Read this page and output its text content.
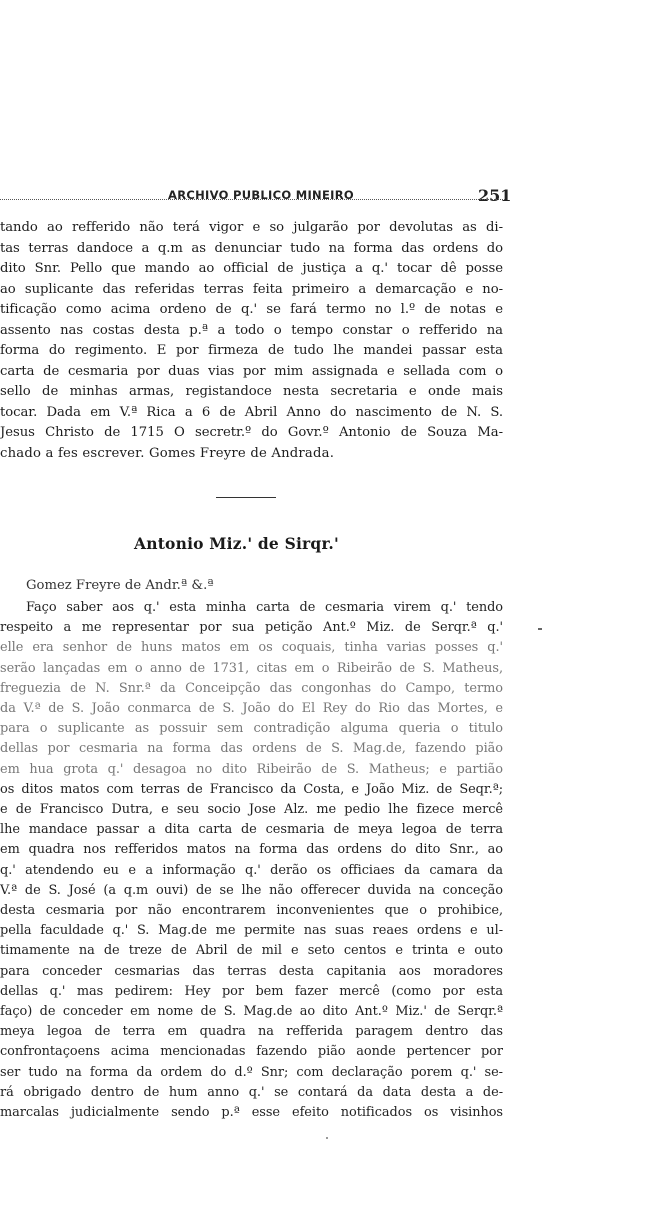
ARCHIVO PUBLICO MINEIRO	251
tando ao refferido não terá vigor e so julgarão por devolutas as di-
tas terras dandoce a q.m as denunciar tudo na forma das ordens do
dito Snr. Pello que mando ao official de justiça a q.' tocar dê posse
ao suplicante das referidas terras feita primeiro a demarcação e no-
tificação como acima ordeno de q.' se fará termo no l.º de notas e
assento nas costas desta p.ª a todo o tempo constar o refferido na
forma do regimento. E por firmeza de tudo lhe mandei passar esta
carta de cesmaria por duas vias por mim assignada e sellada com o
sello de minhas armas, registandoce nesta secretaria e onde mais
tocar. Dada em V.ª Rica a 6 de Abril Anno do nascimento de N. S.
Jesus Christo de 1715 O secretr.º do Govr.º Antonio de Souza Ma-
chado a fes escrever. Gomes Freyre de Andrada.
Antonio Miz.' de Sirqr.'
Gomez Freyre de Andr.ª &.ª
Faço saber aos q.' esta minha carta de cesmaria virem q.' tendo
respeito a me representar por sua petição Ant.º Miz. de Serqr.ª q.'
elle era senhor de huns matos em os coquais, tinha varias posses q.'
serão lançadas em o anno de 1731, citas em o Ribeirão de S. Matheus,
freguezia de N. Snr.ª da Conceipção das congonhas do Campo, termo
da V.ª de S. João conmarca de S. João do El Rey do Rio das Mortes, e
para o suplicante as possuir sem contradição alguma queria o titulo
dellas por cesmaria na forma das ordens de S. Mag.de, fazendo pião
em hua grota q.' desagoa no dito Ribeirão de S. Matheus; e partião
os ditos matos com terras de Francisco da Costa, e João Miz. de Seqr.ª;
e de Francisco Dutra, e seu socio Jose Alz. me pedio lhe fizece mercê
lhe mandace passar a dita carta de cesmaria de meya legoa de terra
em quadra nos refferidos matos na forma das ordens do dito Snr., ao
q.' atendendo eu e a informação q.' derão os officiaes da camara da
V.ª de S. José (a q.m ouvi) de se lhe não offerecer duvida na conceção
desta cesmaria por não encontrarem inconvenientes que o prohibice,
pella faculdade q.' S. Mag.de me permite nas suas reaes ordens e ul-
timamente na de treze de Abril de mil e seto centos e trinta e outo
para conceder cesmarias das terras desta capitania aos moradores
dellas q.' mas pedirem: Hey por bem fazer mercê (como por esta
faço) de conceder em nome de S. Mag.de ao dito Ant.º Miz.' de Serqr.ª
meya legoa de terra em quadra na refferida paragem dentro das
confrontaçoens acima mencionadas fazendo pião aonde pertencer por
ser tudo na forma da ordem do d.º Snr; com declaração porem q.' se-
rá obrigado dentro de hum anno q.' se contará da data desta a de-
marcalas judicialmente sendo p.ª esse efeito notificados os visinhos
